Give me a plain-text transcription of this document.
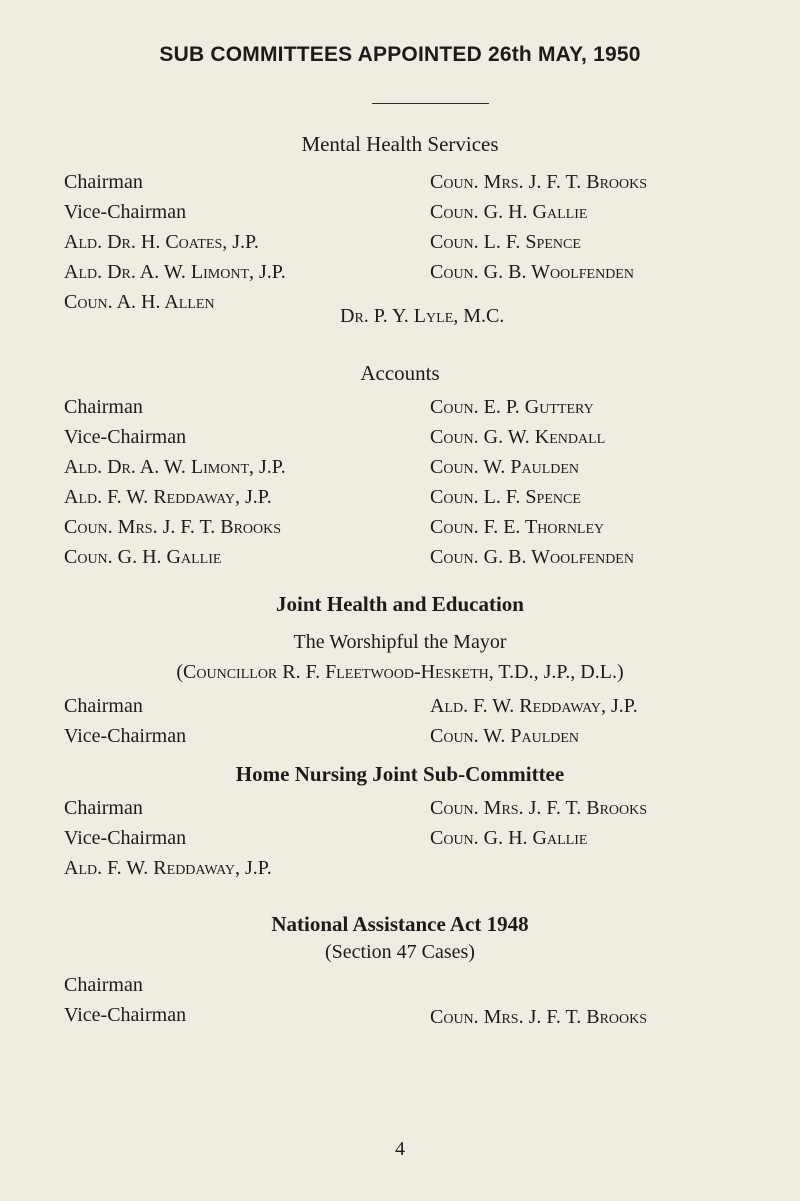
SUB COMMITTEES APPOINTED 26th MAY, 1950
Mental Health Services
Chairman
Vice-Chairman
Ald. Dr. H. Coates, J.P.
Ald. Dr. A. W. Limont, J.P.
Coun. A. H. Allen
Coun. Mrs. J. F. T. Brooks
Coun. G. H. Gallie
Coun. L. F. Spence
Coun. G. B. Woolfenden
Dr. P. Y. Lyle, M.C.
Accounts
Chairman
Vice-Chairman
Ald. Dr. A. W. Limont, J.P.
Ald. F. W. Reddaway, J.P.
Coun. Mrs. J. F. T. Brooks
Coun. G. H. Gallie
Coun. E. P. Guttery
Coun. G. W. Kendall
Coun. W. Paulden
Coun. L. F. Spence
Coun. F. E. Thornley
Coun. G. B. Woolfenden
Joint Health and Education
The Worshipful the Mayor
(Councillor R. F. Fleetwood-Hesketh, T.D., J.P., D.L.)
Chairman
Vice-Chairman
Ald. F. W. Reddaway, J.P.
Coun. W. Paulden
Home Nursing Joint Sub-Committee
Chairman
Vice-Chairman
Ald. F. W. Reddaway, J.P.
Coun. Mrs. J. F. T. Brooks
Coun. G. H. Gallie
National Assistance Act 1948
(Section 47 Cases)
Chairman
Vice-Chairman	Coun. Mrs. J. F. T. Brooks
4
